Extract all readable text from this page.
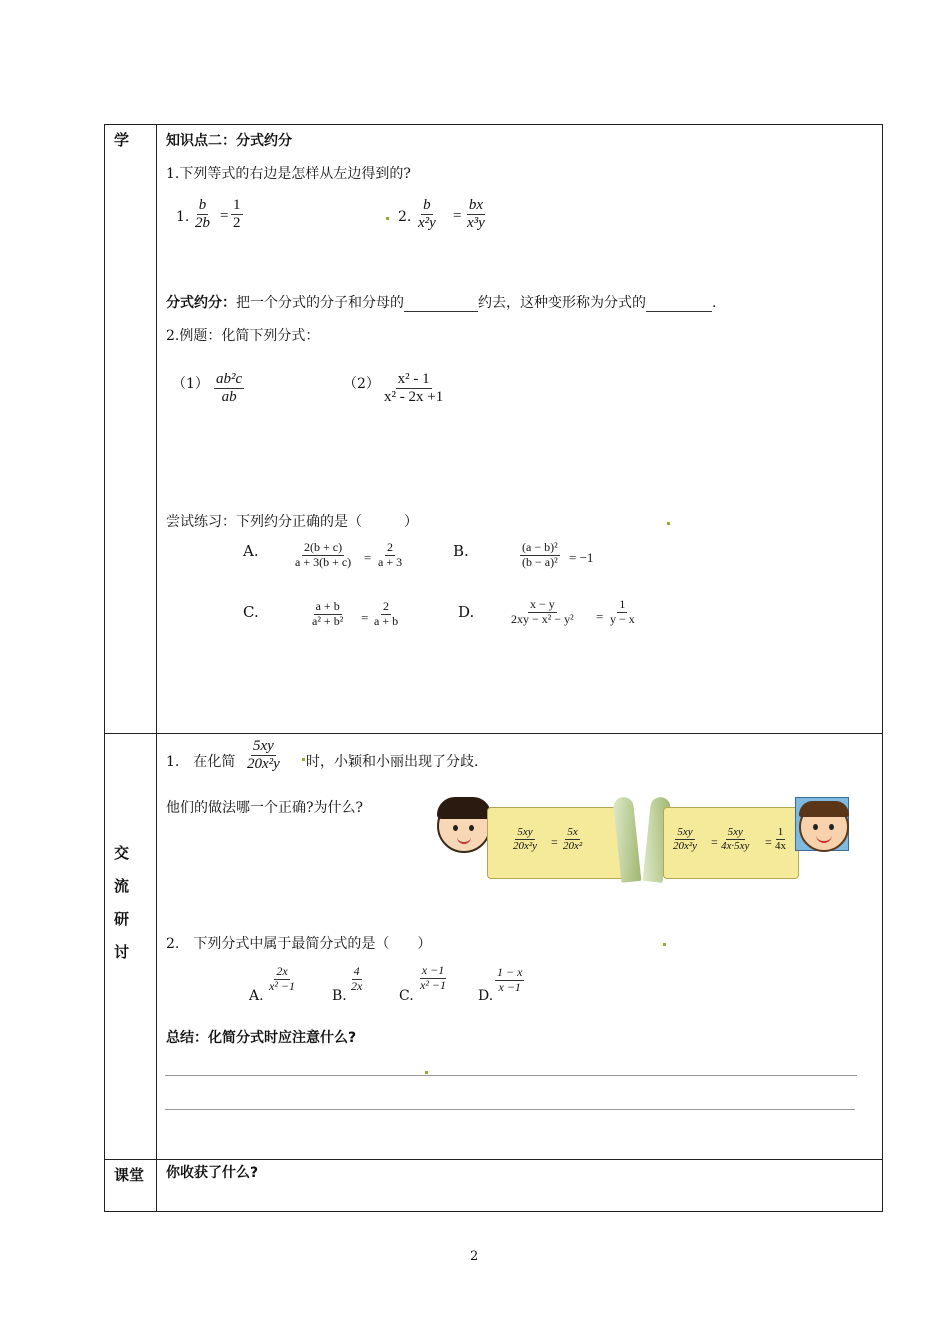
学
交
流
研
讨
课堂
知识点二：分式约分
1.下列等式的右边是怎样从左边得到的?
1. $\frac{b}{2b} = \frac{1}{2}$	2. $\frac{b}{\text{x²y}} = \frac{bx}{\text{x³y}}$
分式约分：把一个分式的分子和分母的	约去，这种变形称为分式的	.
2.例题：化简下列分式：
$(1) \frac{\text{ab²c}}{ab}$	$(2) \frac{\text{x² - 1}}{\text{x² - 2x +1}}$
尝试练习：下列约分正确的是（　　　）
A.	$\frac{2(b + c)}{a + 3(b + c)} = \frac{2}{a + 3}$	B.	$\frac{\text{(a − b)²}}{\text{(b − a)²}} = -1$
C.	$\frac{a + b}{\text{a² + b²}} = \frac{2}{a + b}$	D.	$\frac{x - y}{\text{2xy − x² − y²}} = \frac{1}{y - x}$
1.　在化简 $\frac{5xy}{\text{20x²y}}$ 时，小颖和小丽出现了分歧.
他们的做法哪一个正确?为什么?
$\frac{5xy}{\text{20x²y}} = \frac{5x}{\text{20x²}}$	$\frac{5xy}{\text{20x²y}} = \frac{5xy}{4x\cdot 5xy} = \frac{1}{4x}$
2.　下列分式中属于最简分式的是（　　）
A.
$\frac{2x}{\text{x² −1}}$
B.
$\frac{4}{2x}$
C.
$\frac{x -1}{\text{x² −1}}$
D.
$\frac{1 - x}{x -1}$
总结：化简分式时应注意什么?
你收获了什么?
2
